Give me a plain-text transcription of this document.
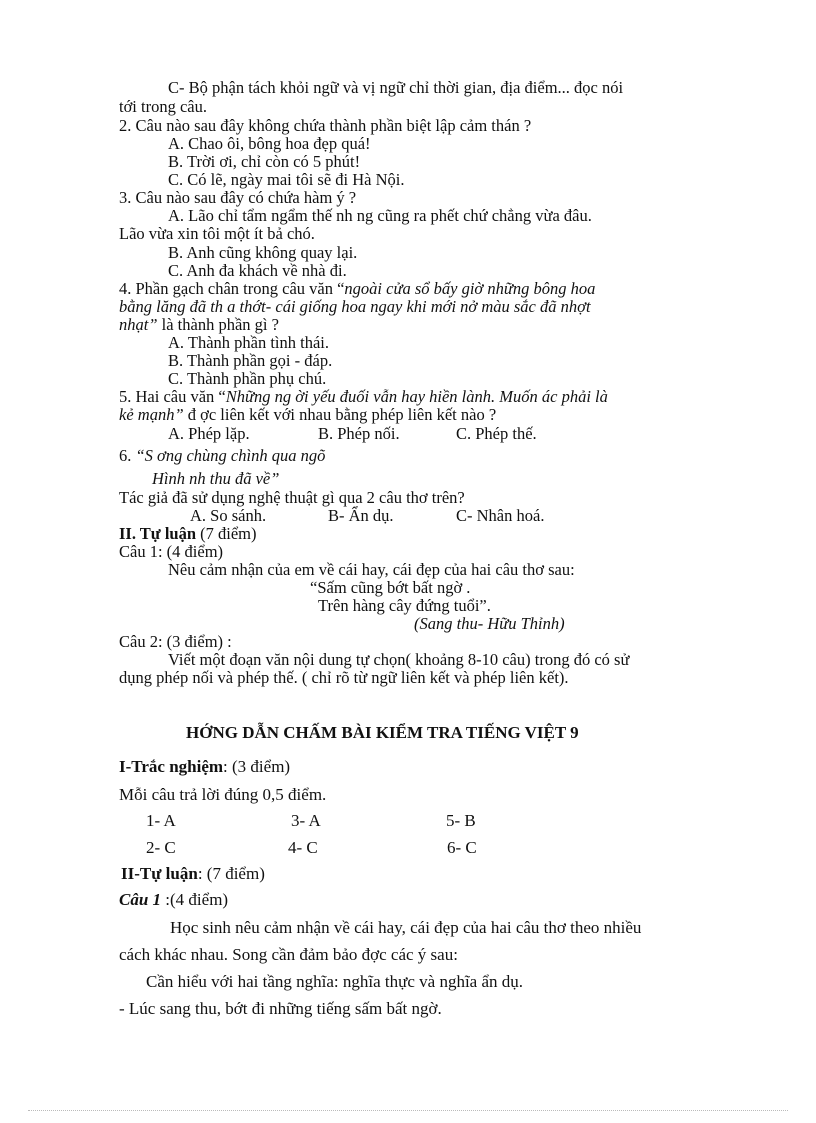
C- Bộ phận tách khỏi ngữ và vị ngữ chỉ thời gian, địa điểm... đọc nói
tới trong câu.
2. Câu nào sau đây không chứa thành phần biệt lập cảm thán ?
A. Chao ôi, bông hoa đẹp quá!
B. Trời ơi, chỉ còn có 5 phút!
C. Có lẽ, ngày mai tôi sẽ đi Hà Nội.
3. Câu nào sau đây có chứa hàm ý ?
A. Lão chỉ tẩm ngẩm thế nh ng cũng ra phết chứ chẳng vừa đâu.
Lão vừa xin tôi một ít bả chó.
B. Anh cũng không quay lại.
C. Anh đa khách về nhà đi.
4. Phần gạch chân trong câu văn “ngoài cửa sổ bấy giờ những bông hoa
bằng lăng đã th a thớt- cái giống hoa ngay khi mới nở màu sắc đã nhợt
nhạt” là thành phần gì ?
A. Thành phần tình thái.
B. Thành phần gọi - đáp.
C. Thành phần phụ chú.
5. Hai câu văn “Những ng ời yếu đuối vẫn hay hiền lành. Muốn ác phải là
kẻ mạnh” đ ợc liên kết với nhau bằng phép liên kết nào ?
A. Phép lặp.	B. Phép nối.	C. Phép thế.
6. “S ơng chùng chình qua ngõ
Hình nh thu đã về”
Tác giả đã sử dụng nghệ thuật gì qua 2 câu thơ trên?
A. So sánh.	B- Ẩn dụ.	C- Nhân hoá.
II. Tự luận (7 điểm)
Câu 1: (4 điểm)
Nêu cảm nhận của em về cái hay, cái đẹp của hai câu thơ sau:
“Sấm cũng bớt bất ngờ .
Trên hàng cây đứng tuổi”.
(Sang thu- Hữu Thỉnh)
Câu 2: (3 điểm) :
Viết một đoạn văn nội dung tự chọn( khoảng 8-10 câu) trong đó có sử
dụng phép nối và phép thế. ( chỉ rõ từ ngữ liên kết và phép liên kết).
HỚNG DẪN CHẤM BÀI KIỂM TRA TIẾNG VIỆT 9
I-Trắc nghiệm: (3 điểm)
Mỗi câu trả lời đúng 0,5 điểm.
1- A	3- A	5- B
2- C	4- C	6- C
II-Tự luận: (7 điểm)
Câu 1 :(4 điểm)
Học sinh nêu cảm nhận về cái hay, cái đẹp của hai câu thơ theo nhiều
cách khác nhau. Song cần đảm bảo đợc các ý sau:
Cần hiểu với hai tầng nghĩa: nghĩa thực và nghĩa ẩn dụ.
- Lúc sang thu, bớt đi những tiếng sấm bất ngờ.
